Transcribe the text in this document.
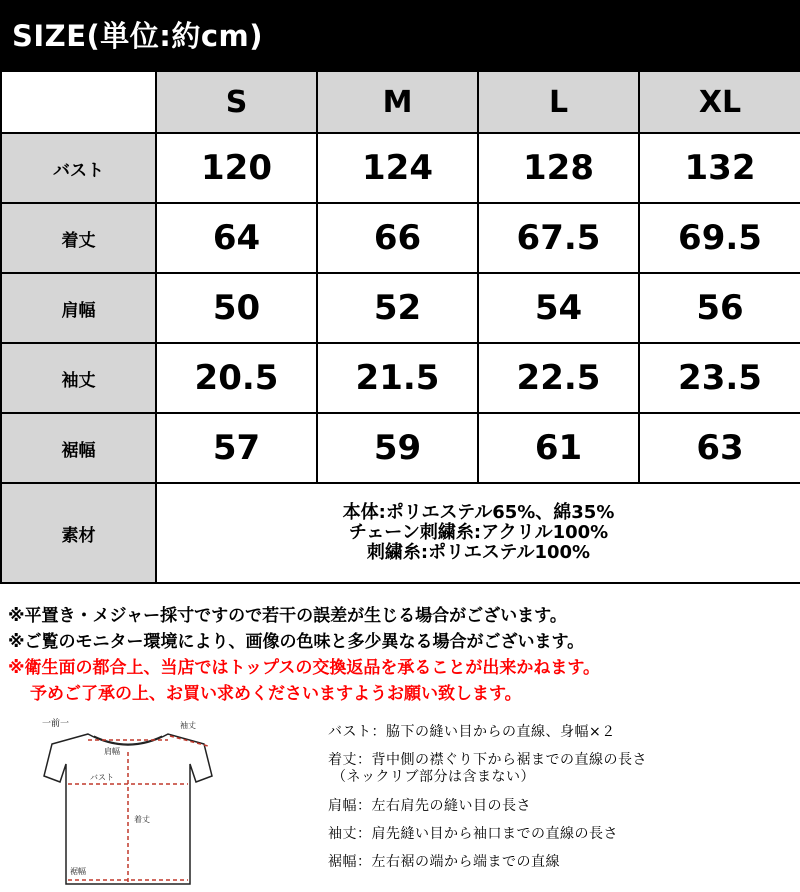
SIZE(単位:約cm)
	S	M	L	XL
バスト	120	124	128	132
着丈	64	66	67.5	69.5
肩幅	50	52	54	56
袖丈	20.5	21.5	22.5	23.5
裾幅	57	59	61	63
素材	本体:ポリエステル65%、綿35%
チェーン刺繍糸:アクリル100%
刺繍糸:ポリエステル100%			
※平置き・メジャー採寸ですので若干の誤差が生じる場合がございます。
※ご覧のモニター環境により、画像の色味と多少異なる場合がございます。
※衛生面の都合上、当店ではトップスの交換返品を承ることが出来かねます。
予めご了承の上、お買い求めくださいますようお願い致します。
一前一
肩幅
袖丈
バスト
着丈
裾幅
バスト：脇下の縫い目からの直線、身幅×２
着丈：背中側の襟ぐり下から裾までの直線の長さ
（ネックリブ部分は含まない）
肩幅：左右肩先の縫い目の長さ
袖丈：肩先縫い目から袖口までの直線の長さ
裾幅：左右裾の端から端までの直線
